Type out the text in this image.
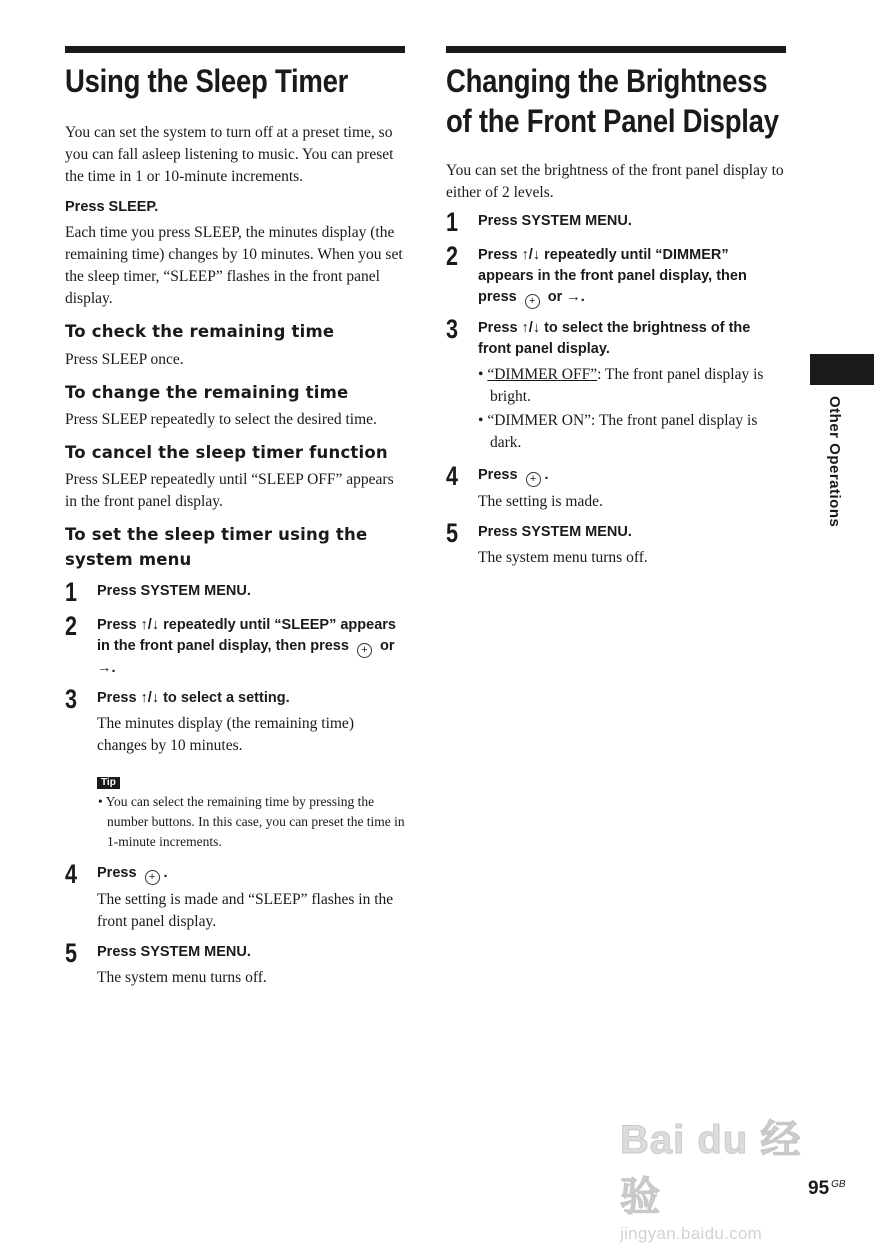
Using the Sleep Timer

You can set the system to turn off at a preset time, so you can fall asleep listening to music. You can preset the time in 1 or 10-minute increments.

Press SLEEP.

Each time you press SLEEP, the minutes display (the remaining time) changes by 10 minutes. When you set the sleep timer, “SLEEP” flashes in the front panel display.

To check the remaining time

Press SLEEP once.

To change the remaining time

Press SLEEP repeatedly to select the desired time.

To cancel the sleep timer function

Press SLEEP repeatedly until “SLEEP OFF” appears in the front panel display.

To set the sleep timer using the system menu
1	Press SYSTEM MENU.

2	Press ↑/↓ repeatedly until “SLEEP” appears in the front panel display, then press + or →.

3	Press ↑/↓ to select a setting.

The minutes display (the remaining time) changes by 10 minutes.

Tip

• You can select the remaining time by pressing the number buttons. In this case, you can preset the time in 1-minute increments.

4	Press + .

The setting is made and “SLEEP” flashes in the front panel display.

5	Press SYSTEM MENU.

The system menu turns off.

Changing the Brightness of the Front Panel Display

You can set the brightness of the front panel display to either of 2 levels.

1	Press SYSTEM MENU.

2	Press ↑/↓ repeatedly until “DIMMER” appears in the front panel display, then press + or →.

3	Press ↑/↓ to select the brightness of the front panel display.

• “DIMMER OFF”: The front panel display is bright.
• “DIMMER ON”: The front panel display is dark.
4	Press + .

The setting is made.

5	Press SYSTEM MENU.

The system menu turns off.

Other Operations
Bai du 经验
jingyan.baidu.com
95 $^{GB}$
